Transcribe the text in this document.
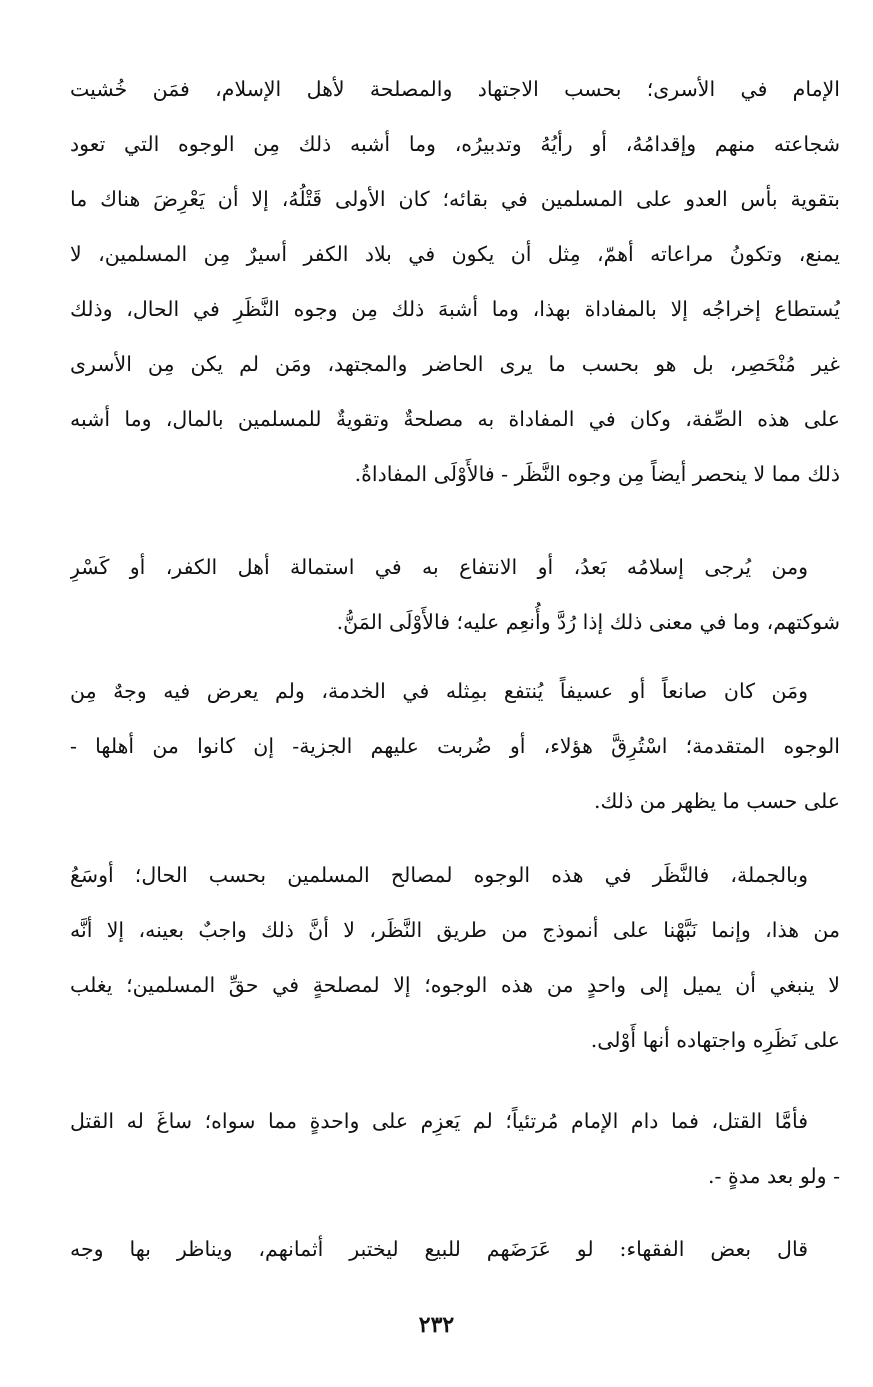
الإمام في الأسرى؛ بحسب الاجتهاد والمصلحة لأهل الإسلام، فمَن خُشيت
شجاعته منهم وإقدامُهُ، أو رأيُهُ وتدبيرُه، وما أشبه ذلك مِن الوجوه التي تعود
بتقوية بأس العدو على المسلمين في بقائه؛ كان الأولى قَتْلُهُ، إلا أن يَعْرِضَ هناك ما
يمنع، وتكونُ مراعاته أهمّ، مِثل أن يكون في بلاد الكفر أسيرٌ مِن المسلمين، لا
يُستطاع إخراجُه إلا بالمفاداة بهذا، وما أشبهَ ذلك مِن وجوه النَّظَرِ في الحال، وذلك
غير مُنْحَصِر، بل هو بحسب ما يرى الحاضر والمجتهد، ومَن لم يكن مِن الأسرى
على هذه الصِّفة، وكان في المفاداة به مصلحةٌ وتقويةٌ للمسلمين بالمال، وما أشبه
ذلك مما لا ينحصر أيضاً مِن وجوه النَّظَر - فالأَوْلَى المفاداةُ.
ومن يُرجى إسلامُه بَعدُ، أو الانتفاع به في استمالة أهل الكفر، أو كَسْرِ
شوكتهم، وما في معنى ذلك إذا رُدَّ وأُنعِم عليه؛ فالأَوْلَى المَنُّ.
ومَن كان صانعاً أو عسيفاً يُنتفع بمِثله في الخدمة، ولم يعرض فيه وجهٌ مِن
الوجوه المتقدمة؛ اسْتُرِقَّ هؤلاء، أو ضُربت عليهم الجزية- إن كانوا من أهلها -
على حسب ما يظهر من ذلك.
وبالجملة، فالنَّظَر في هذه الوجوه لمصالح المسلمين بحسب الحال؛ أوسَعُ
من هذا، وإنما نَبَّهْنا على أنموذج من طريق النَّظَر، لا أنَّ ذلك واجبٌ بعينه، إلا أنَّه
لا ينبغي أن يميل إلى واحدٍ من هذه الوجوه؛ إلا لمصلحةٍ في حقِّ المسلمين؛ يغلب
على نَظَرِه واجتهاده أنها أَوْلى.
فأمَّا القتل، فما دام الإمام مُرتئياً؛ لم يَعزِم على واحدةٍ مما سواه؛ ساغَ له القتل
- ولو بعد مدةٍ -.
قال بعض الفقهاء: لو عَرَضَهم للبيع ليختبر أثمانهم، ويناظر بها وجه
٢٣٢
